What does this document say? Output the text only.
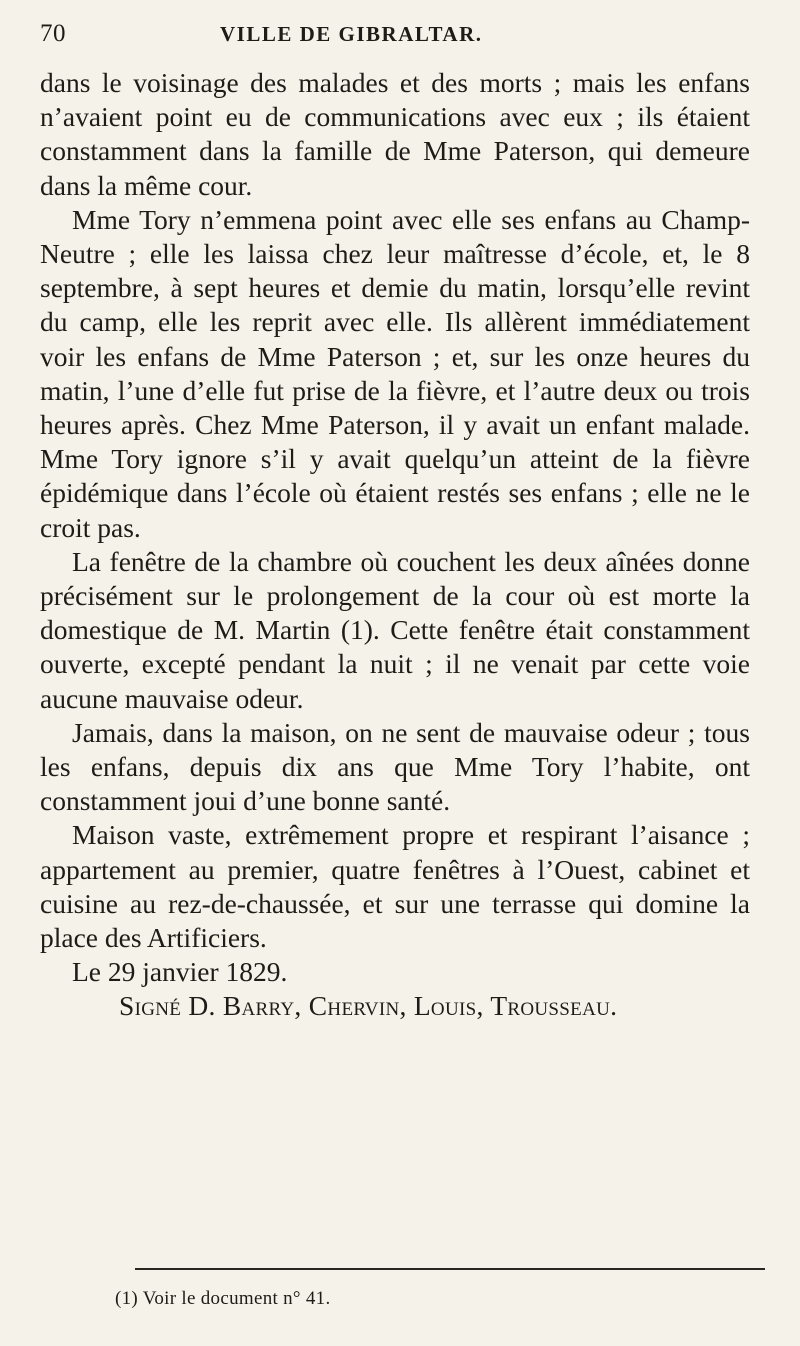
70	VILLE DE GIBRALTAR.

dans le voisinage des malades et des morts ; mais les enfans n’avaient point eu de communications avec eux ; ils étaient constamment dans la famille de Mme Paterson, qui demeure dans la même cour.

Mme Tory n’emmena point avec elle ses enfans au Champ-Neutre ; elle les laissa chez leur maîtresse d’école, et, le 8 septembre, à sept heures et demie du matin, lorsqu’elle revint du camp, elle les reprit avec elle. Ils allèrent immédiatement voir les enfans de Mme Paterson ; et, sur les onze heures du matin, l’une d’elle fut prise de la fièvre, et l’autre deux ou trois heures après. Chez Mme Paterson, il y avait un enfant malade. Mme Tory ignore s’il y avait quelqu’un atteint de la fièvre épidémique dans l’école où étaient restés ses enfans ; elle ne le croit pas.

La fenêtre de la chambre où couchent les deux aînées donne précisément sur le prolongement de la cour où est morte la domestique de M. Martin (1). Cette fenêtre était constamment ouverte, excepté pendant la nuit ; il ne venait par cette voie aucune mauvaise odeur.

Jamais, dans la maison, on ne sent de mauvaise odeur ; tous les enfans, depuis dix ans que Mme Tory l’habite, ont constamment joui d’une bonne santé.

Maison vaste, extrêmement propre et respirant l’aisance ; appartement au premier, quatre fenêtres à l’Ouest, cabinet et cuisine au rez-de-chaussée, et sur une terrasse qui domine la place des Artificiers.

Le 29 janvier 1829.
Signé D. Barry, Chervin, Louis, Trousseau.
(1) Voir le document n° 41.
